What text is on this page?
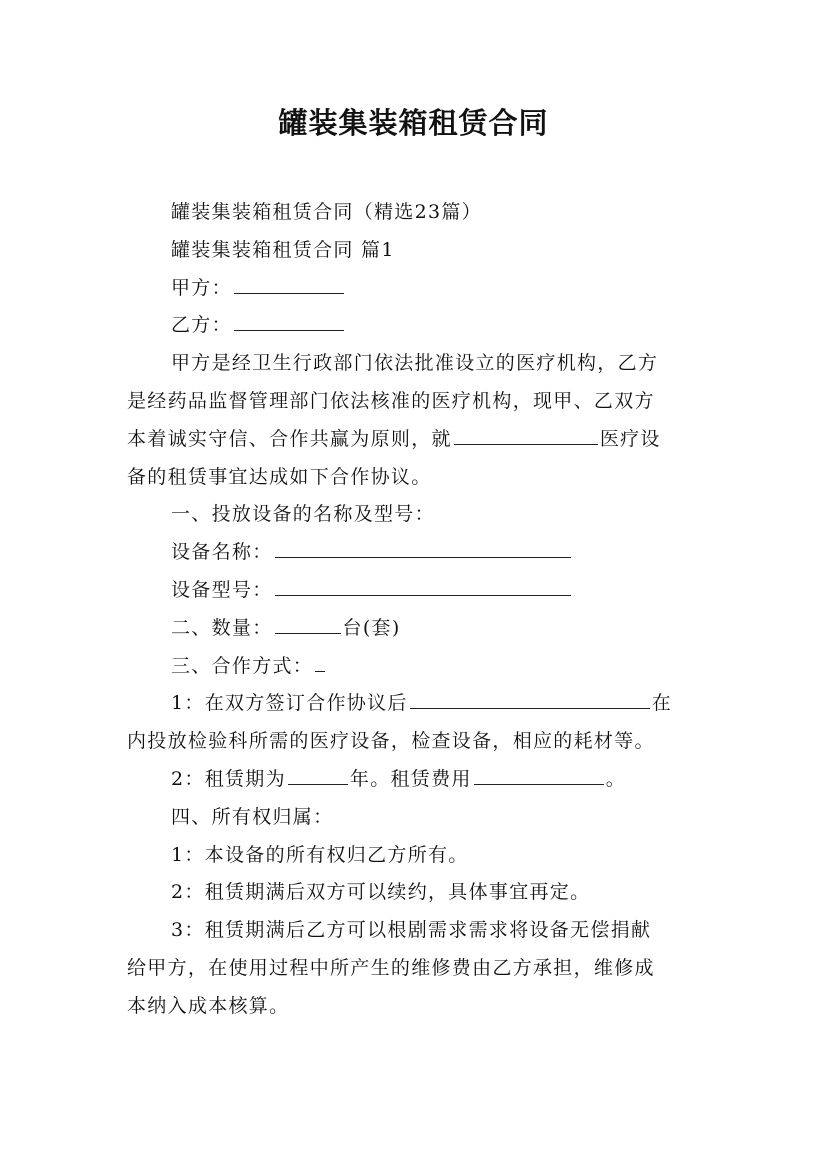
罐装集装箱租赁合同

罐装集装箱租赁合同（精选23篇）

罐装集装箱租赁合同 篇1

甲方：

乙方：

甲方是经卫生行政部门依法批准设立的医疗机构，乙方

是经药品监督管理部门依法核准的医疗机构，现甲、乙双方

本着诚实守信、合作共赢为原则，就	医疗设

备的租赁事宜达成如下合作协议。

一、投放设备的名称及型号：

设备名称：

设备型号：

二、数量：	台(套)

三、合作方式：

1：在双方签订合作协议后	在

内投放检验科所需的医疗设备，检查设备，相应的耗材等。

2：租赁期为	年。租赁费用	。

四、所有权归属：

1：本设备的所有权归乙方所有。

2：租赁期满后双方可以续约，具体事宜再定。

3：租赁期满后乙方可以根剧需求需求将设备无偿捐献

给甲方，在使用过程中所产生的维修费由乙方承担，维修成

本纳入成本核算。
